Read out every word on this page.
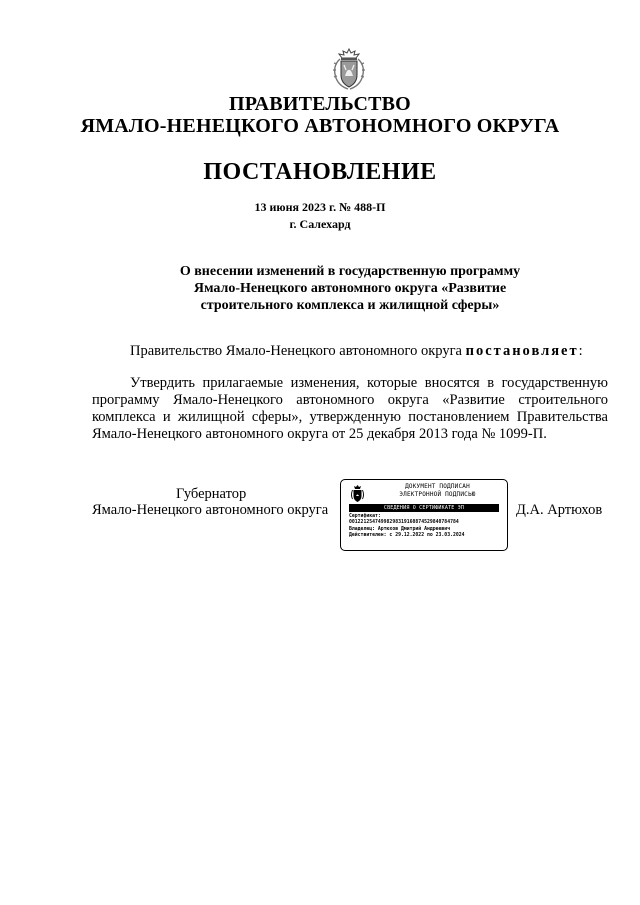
ПРАВИТЕЛЬСТВО
ЯМАЛО-НЕНЕЦКОГО АВТОНОМНОГО ОКРУГА
ПОСТАНОВЛЕНИЕ
13 июня 2023 г. № 488-П
г. Салехард
О внесении изменений в государственную программу
Ямало-Ненецкого автономного округа «Развитие
строительного комплекса и жилищной сферы»
Правительство Ямало-Ненецкого автономного округа постановляет:
Утвердить прилагаемые изменения, которые вносятся в государственную
программу Ямало-Ненецкого автономного округа «Развитие строительного
комплекса и жилищной сферы», утвержденную постановлением Правительства
Ямало-Ненецкого автономного округа от 25 декабря 2013 года № 1099-П.
Губернатор
Ямало-Ненецкого автономного округа	Д.А. Артюхов
ДОКУМЕНТ ПОДПИСАН
ЭЛЕКТРОННОЙ ПОДПИСЬЮ
СВЕДЕНИЯ О СЕРТИФИКАТЕ ЭП
Сертификат:
00122125474998298319160874529840784784
Владелец: Артюхов Дмитрий Андреевич
Действителен: с 29.12.2022 по 23.03.2024
